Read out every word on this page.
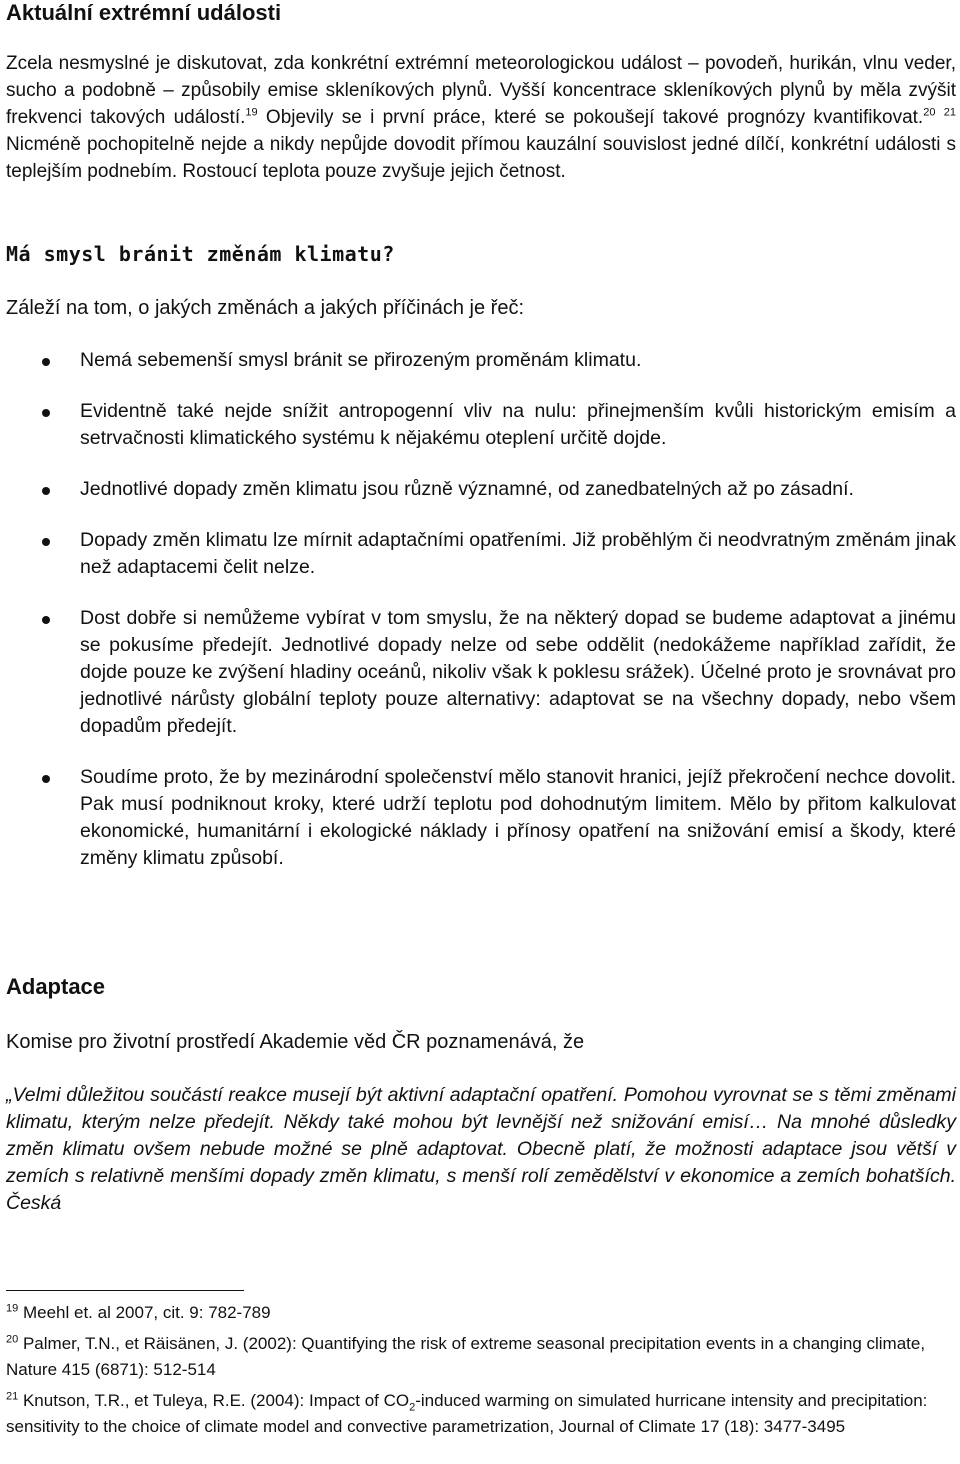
Aktuální extrémní události

Zcela nesmyslné je diskutovat, zda konkrétní extrémní meteorologickou událost – povodeň, hurikán, vlnu veder, sucho a podobně – způsobily emise skleníkových plynů. Vyšší koncentrace skleníkových plynů by měla zvýšit frekvenci takových událostí.$^{19}$ Objevily se i první práce, které se pokoušejí takové prognózy kvantifikovat.$^{20}$ $^{21}$ Nicméně pochopitelně nejde a nikdy nepůjde dovodit přímou kauzální souvislost jedné dílčí, konkrétní události s teplejším podnebím. Rostoucí teplota pouze zvyšuje jejich četnost.

Má smysl bránit změnám klimatu?

Záleží na tom, o jakých změnách a jakých příčinách je řeč:

Nemá sebemenší smysl bránit se přirozeným proměnám klimatu.
Evidentně také nejde snížit antropogenní vliv na nulu: přinejmenším kvůli historickým emisím a setrvačnosti klimatického systému k nějakému oteplení určitě dojde.
Jednotlivé dopady změn klimatu jsou různě významné, od zanedbatelných až po zásadní.
Dopady změn klimatu lze mírnit adaptačními opatřeními. Již proběhlým či neodvratným změnám jinak než adaptacemi čelit nelze.
Dost dobře si nemůžeme vybírat v tom smyslu, že na některý dopad se budeme adaptovat a jinému se pokusíme předejít. Jednotlivé dopady nelze od sebe oddělit (nedokážeme například zařídit, že dojde pouze ke zvýšení hladiny oceánů, nikoliv však k poklesu srážek). Účelné proto je srovnávat pro jednotlivé nárůsty globální teploty pouze alternativy: adaptovat se na všechny dopady, nebo všem dopadům předejít.
Soudíme proto, že by mezinárodní společenství mělo stanovit hranici, jejíž překročení nechce dovolit. Pak musí podniknout kroky, které udrží teplotu pod dohodnutým limitem. Mělo by přitom kalkulovat ekonomické, humanitární i ekologické náklady i přínosy opatření na snižování emisí a škody, které změny klimatu způsobí.
Adaptace

Komise pro životní prostředí Akademie věd ČR poznamenává, že

„Velmi důležitou součástí reakce musejí být aktivní adaptační opatření. Pomohou vyrovnat se s těmi změnami klimatu, kterým nelze předejít. Někdy také mohou být levnější než snižování emisí… Na mnohé důsledky změn klimatu ovšem nebude možné se plně adaptovat. Obecně platí, že možnosti adaptace jsou větší v zemích s relativně menšími dopady změn klimatu, s menší rolí zemědělství v ekonomice a zemích bohatších. Česká

$^{19}$ Meehl et. al 2007, cit. 9: 782-789

$^{20}$ Palmer, T.N., et Räisänen, J. (2002): Quantifying the risk of extreme seasonal precipitation events in a changing climate, Nature 415 (6871): 512-514

$^{21}$ Knutson, T.R., et Tuleya, R.E. (2004): Impact of $CO_2$-induced warming on simulated hurricane intensity and precipitation: sensitivity to the choice of climate model and convective parametrization, Journal of Climate 17 (18): 3477-3495
